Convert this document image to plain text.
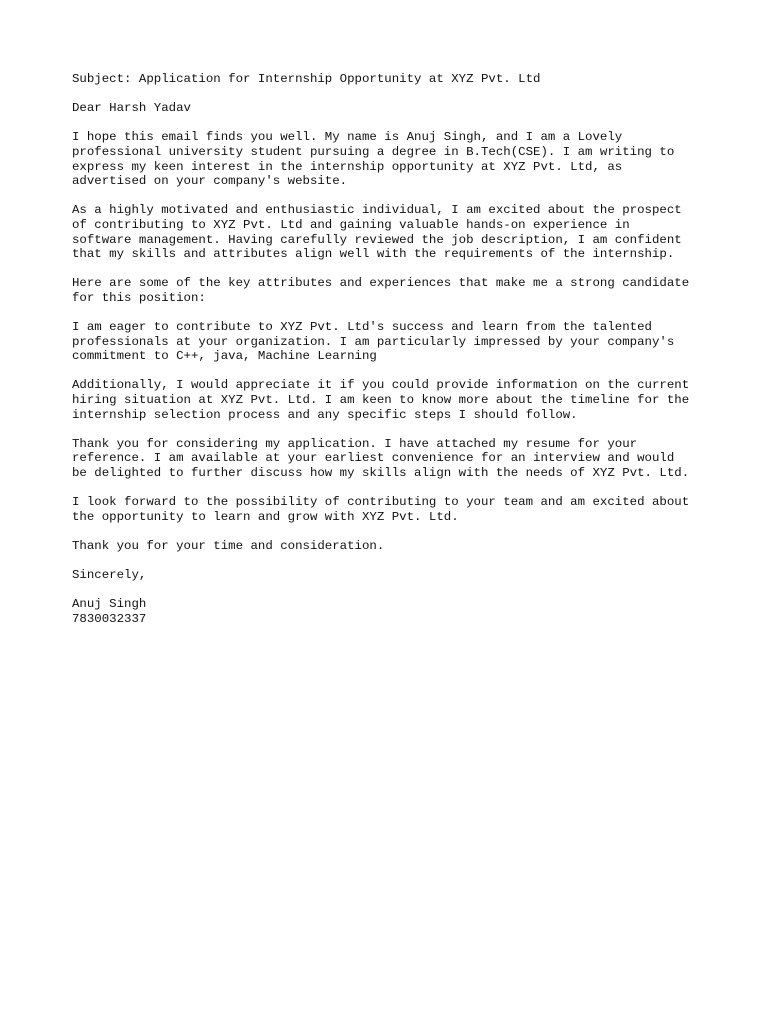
Subject: Application for Internship Opportunity at XYZ Pvt. Ltd
Dear Harsh Yadav
I hope this email finds you well. My name is Anuj Singh, and I am a Lovely
professional university student pursuing a degree in B.Tech(CSE). I am writing to
express my keen interest in the internship opportunity at XYZ Pvt. Ltd, as
advertised on your company's website.
As a highly motivated and enthusiastic individual, I am excited about the prospect
of contributing to XYZ Pvt. Ltd and gaining valuable hands-on experience in
software management. Having carefully reviewed the job description, I am confident
that my skills and attributes align well with the requirements of the internship.
Here are some of the key attributes and experiences that make me a strong candidate
for this position:
I am eager to contribute to XYZ Pvt. Ltd's success and learn from the talented
professionals at your organization. I am particularly impressed by your company's
commitment to C++, java, Machine Learning
Additionally, I would appreciate it if you could provide information on the current
hiring situation at XYZ Pvt. Ltd. I am keen to know more about the timeline for the
internship selection process and any specific steps I should follow.
Thank you for considering my application. I have attached my resume for your
reference. I am available at your earliest convenience for an interview and would
be delighted to further discuss how my skills align with the needs of XYZ Pvt. Ltd.
I look forward to the possibility of contributing to your team and am excited about
the opportunity to learn and grow with XYZ Pvt. Ltd.
Thank you for your time and consideration.
Sincerely,
Anuj Singh
7830032337
